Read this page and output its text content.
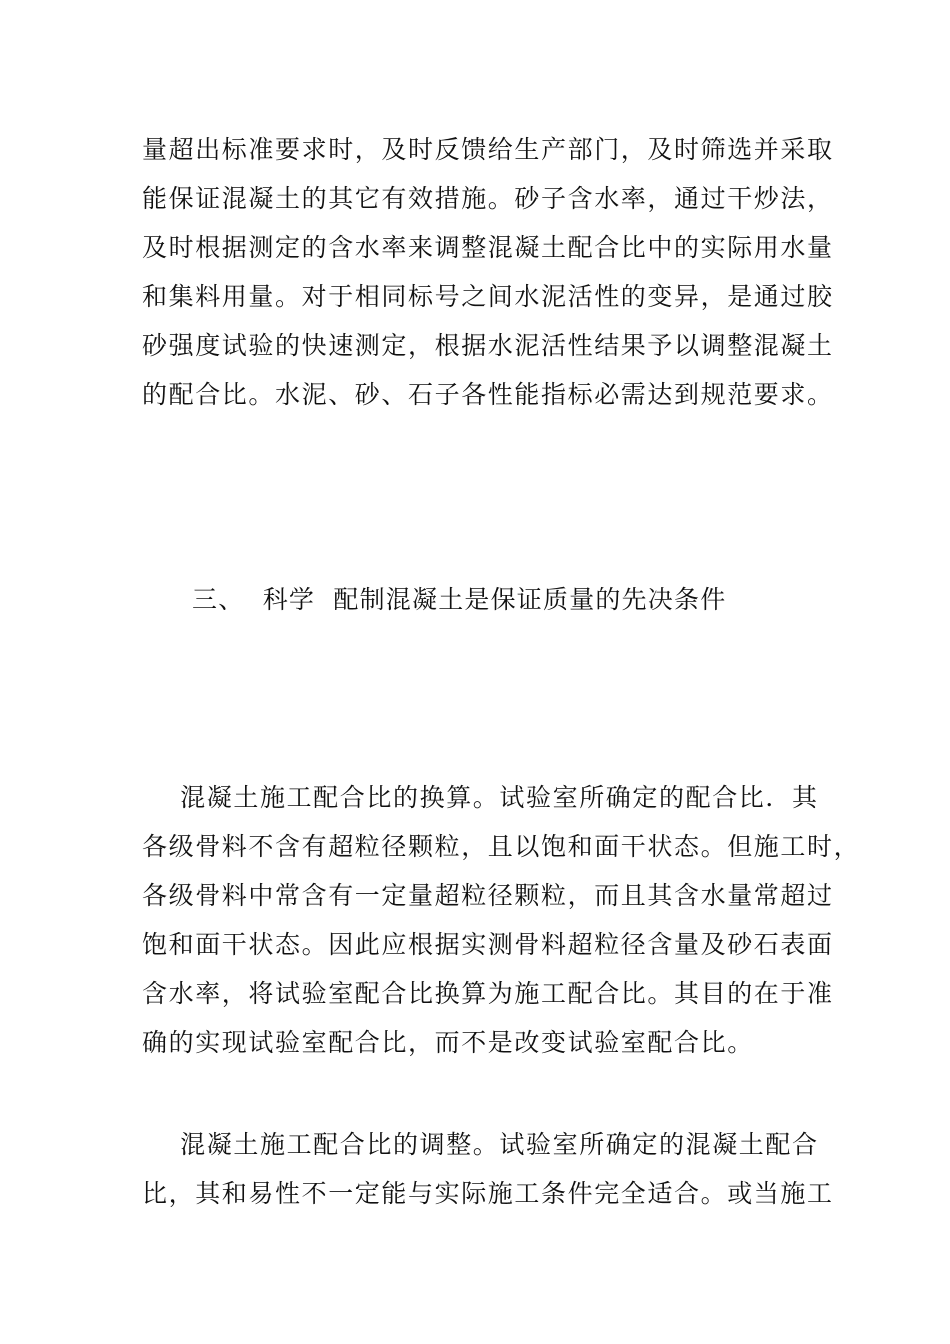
量超出标准要求时，及时反馈给生产部门，及时筛选并采取
能保证混凝土的其它有效措施。砂子含水率，通过干炒法，
及时根据测定的含水率来调整混凝土配合比中的实际用水量
和集料用量。对于相同标号之间水泥活性的变异，是通过胶
砂强度试验的快速测定，根据水泥活性结果予以调整混凝土
的配合比。水泥、砂、石子各性能指标必需达到规范要求。
三、  科学  配制混凝土是保证质量的先决条件
混凝土施工配合比的换算。试验室所确定的配合比．其
各级骨料不含有超粒径颗粒，且以饱和面干状态。但施工时，
各级骨料中常含有一定量超粒径颗粒，而且其含水量常超过
饱和面干状态。因此应根据实测骨料超粒径含量及砂石表面
含水率，将试验室配合比换算为施工配合比。其目的在于准
确的实现试验室配合比，而不是改变试验室配合比。
混凝土施工配合比的调整。试验室所确定的混凝土配合
比，其和易性不一定能与实际施工条件完全适合。或当施工
